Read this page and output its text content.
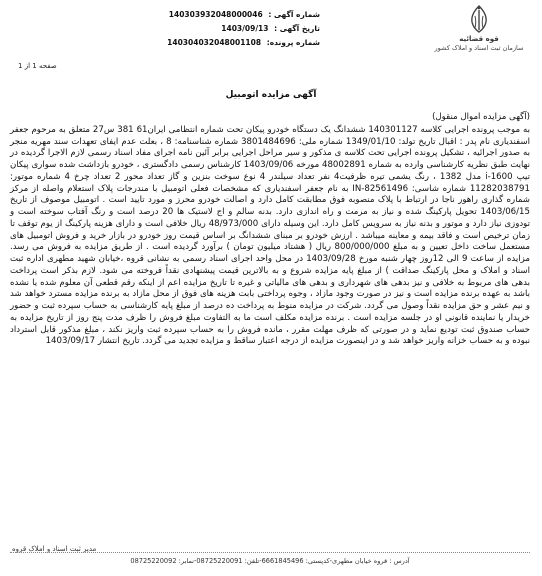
شماره آگهی : 140303932048000046
تاریخ آگهی : 1403/09/13
شماره پرونده: 140304032048001108	قوه قضائیه
سازمان ثبت اسناد و املاک کشور
صفحه 1 از 1
آگهی مزایده اتومبیل

(آگهی مزایده اموال منقول)

به موجب پرونده اجرایی کلاسه 140301127 ششدانگ یک دستگاه خودرو پیکان تحت شماره انتظامی ایران61 381 س27 متعلق به مرحوم جعفر اسفندیاری نام پدر : اقبال تاریخ تولد: 1349/01/10 شماره ملی: 3801484696 شماره شناسنامه: 8 ، بعلت عدم ایفای تعهدات سند مهریه منجر به صدور اجرائیه ، تشکیل پرونده اجرایی تحت کلاسه ی مذکور و سیر مراحل اجرایی برابر آئین نامه اجرای مفاد اسناد رسمی لازم الاجرا گردیده در نهایت طبق نظریه کارشناسی وارده به شماره 48002891 مورخه 1403/09/06 کارشناس رسمی دادگستری ، خودرو بازداشت شده سواری پیکان تیپ 1600-i مدل 1382 ، رنگ یشمی تیره ظرفیت4 نفر تعداد سیلندر 4 نوع سوخت بنزین و گاز تعداد محور 2 تعداد چرخ 4 شماره موتور: 11282038791 شماره شاسی: IN-82561496 به نام جعفر اسفندیاری که مشخصات فعلی اتومبیل با مندرجات پلاک استعلام واصله از مرکز شماره گذاری راهور ناجا در ارتباط با پلاک منصوبه فوق مطابقت کامل دارد و اصالت خودرو محرز و مورد تایید است . اتومبیل موصوف از تاریخ 1403/06/15 تحویل پارکینگ شده و نیاز به مرمت و راه اندازی دارد. بدنه سالم و اج لاستیک ها 20 درصد است و رنگ آفتاب سوخته است و تودوزی نیاز دارد و موتور و بدنه نیاز به سرویس کامل دارد. این وسیله دارای 48/973/000 ریال خلافی است و دارای هزینه پارکینگ از یوم توقف تا زمان ترخیص است و فاقد بیمه و معاینه میباشد . ارزش خودرو بر مبنای ششدانگ بر اساس قیمت روز خودرو در بازار خرید و فروش اتومبیل های مستعمل ساخت داخل تعیین و به مبلغ 800/000/000 ریال ( هشتاد میلیون تومان ) برآورد گردیده است . از طریق مزایده به فروش می رسد. مزایده از ساعت 9 الی 12روز چهار شنبه مورخ 1403/09/28 در محل واحد اجرای اسناد رسمی به نشانی قروه ،خیابان شهید مطهری اداره ثبت اسناد و املاک و محل پارکینگ صداقت ) از مبلغ پایه مزایده شروع و به بالاترین قیمت پیشنهادی نقداً فروخته می شود. لازم بذکر است پرداخت بدهی های مربوط به خلافی و نیز بدهی های شهرداری و بدهی های مالیاتی و غیره تا تاریخ مزایده اعم از اینکه رقم قطعی آن معلوم شده یا نشده باشد به عهده برنده مزایده است و نیز در صورت وجود مازاد ، وجوه پرداختی بابت هزینه های فوق از محل مازاد به برنده مزایده مسترد خواهد شد و نیم عشر و حق مزایده نقداً وصول می گردد. شرکت در مزایده منوط به پرداخت ده درصد از مبلغ پایه کارشناسی به حساب سپرده ثبت و حضور خریدار یا نماینده قانونی او در جلسه مزایده است . برنده مزایده مکلف است ما به التفاوت مبلغ فروش را ظرف مدت پنج روز از تاریخ مزایده به حساب صندوق ثبت تودیع نماید و در صورتی که ظرف مهلت مقرر ، مانده فروش را به حساب سپرده ثبت واریز نکند ، مبلغ مذکور قابل استرداد نبوده و به حساب خزانه واریز خواهد شد و در اینصورت مزایده از درجه اعتبار ساقط و مزایده تجدید می گردد. تاریخ انتشار 1403/09/17

مدیر ثبت اسناد و املاک قروه
آدرس : قروه خیابان مطهری-کدپستی: 6661845496-تلفن: 08725220091-نمابر: 08725220092
